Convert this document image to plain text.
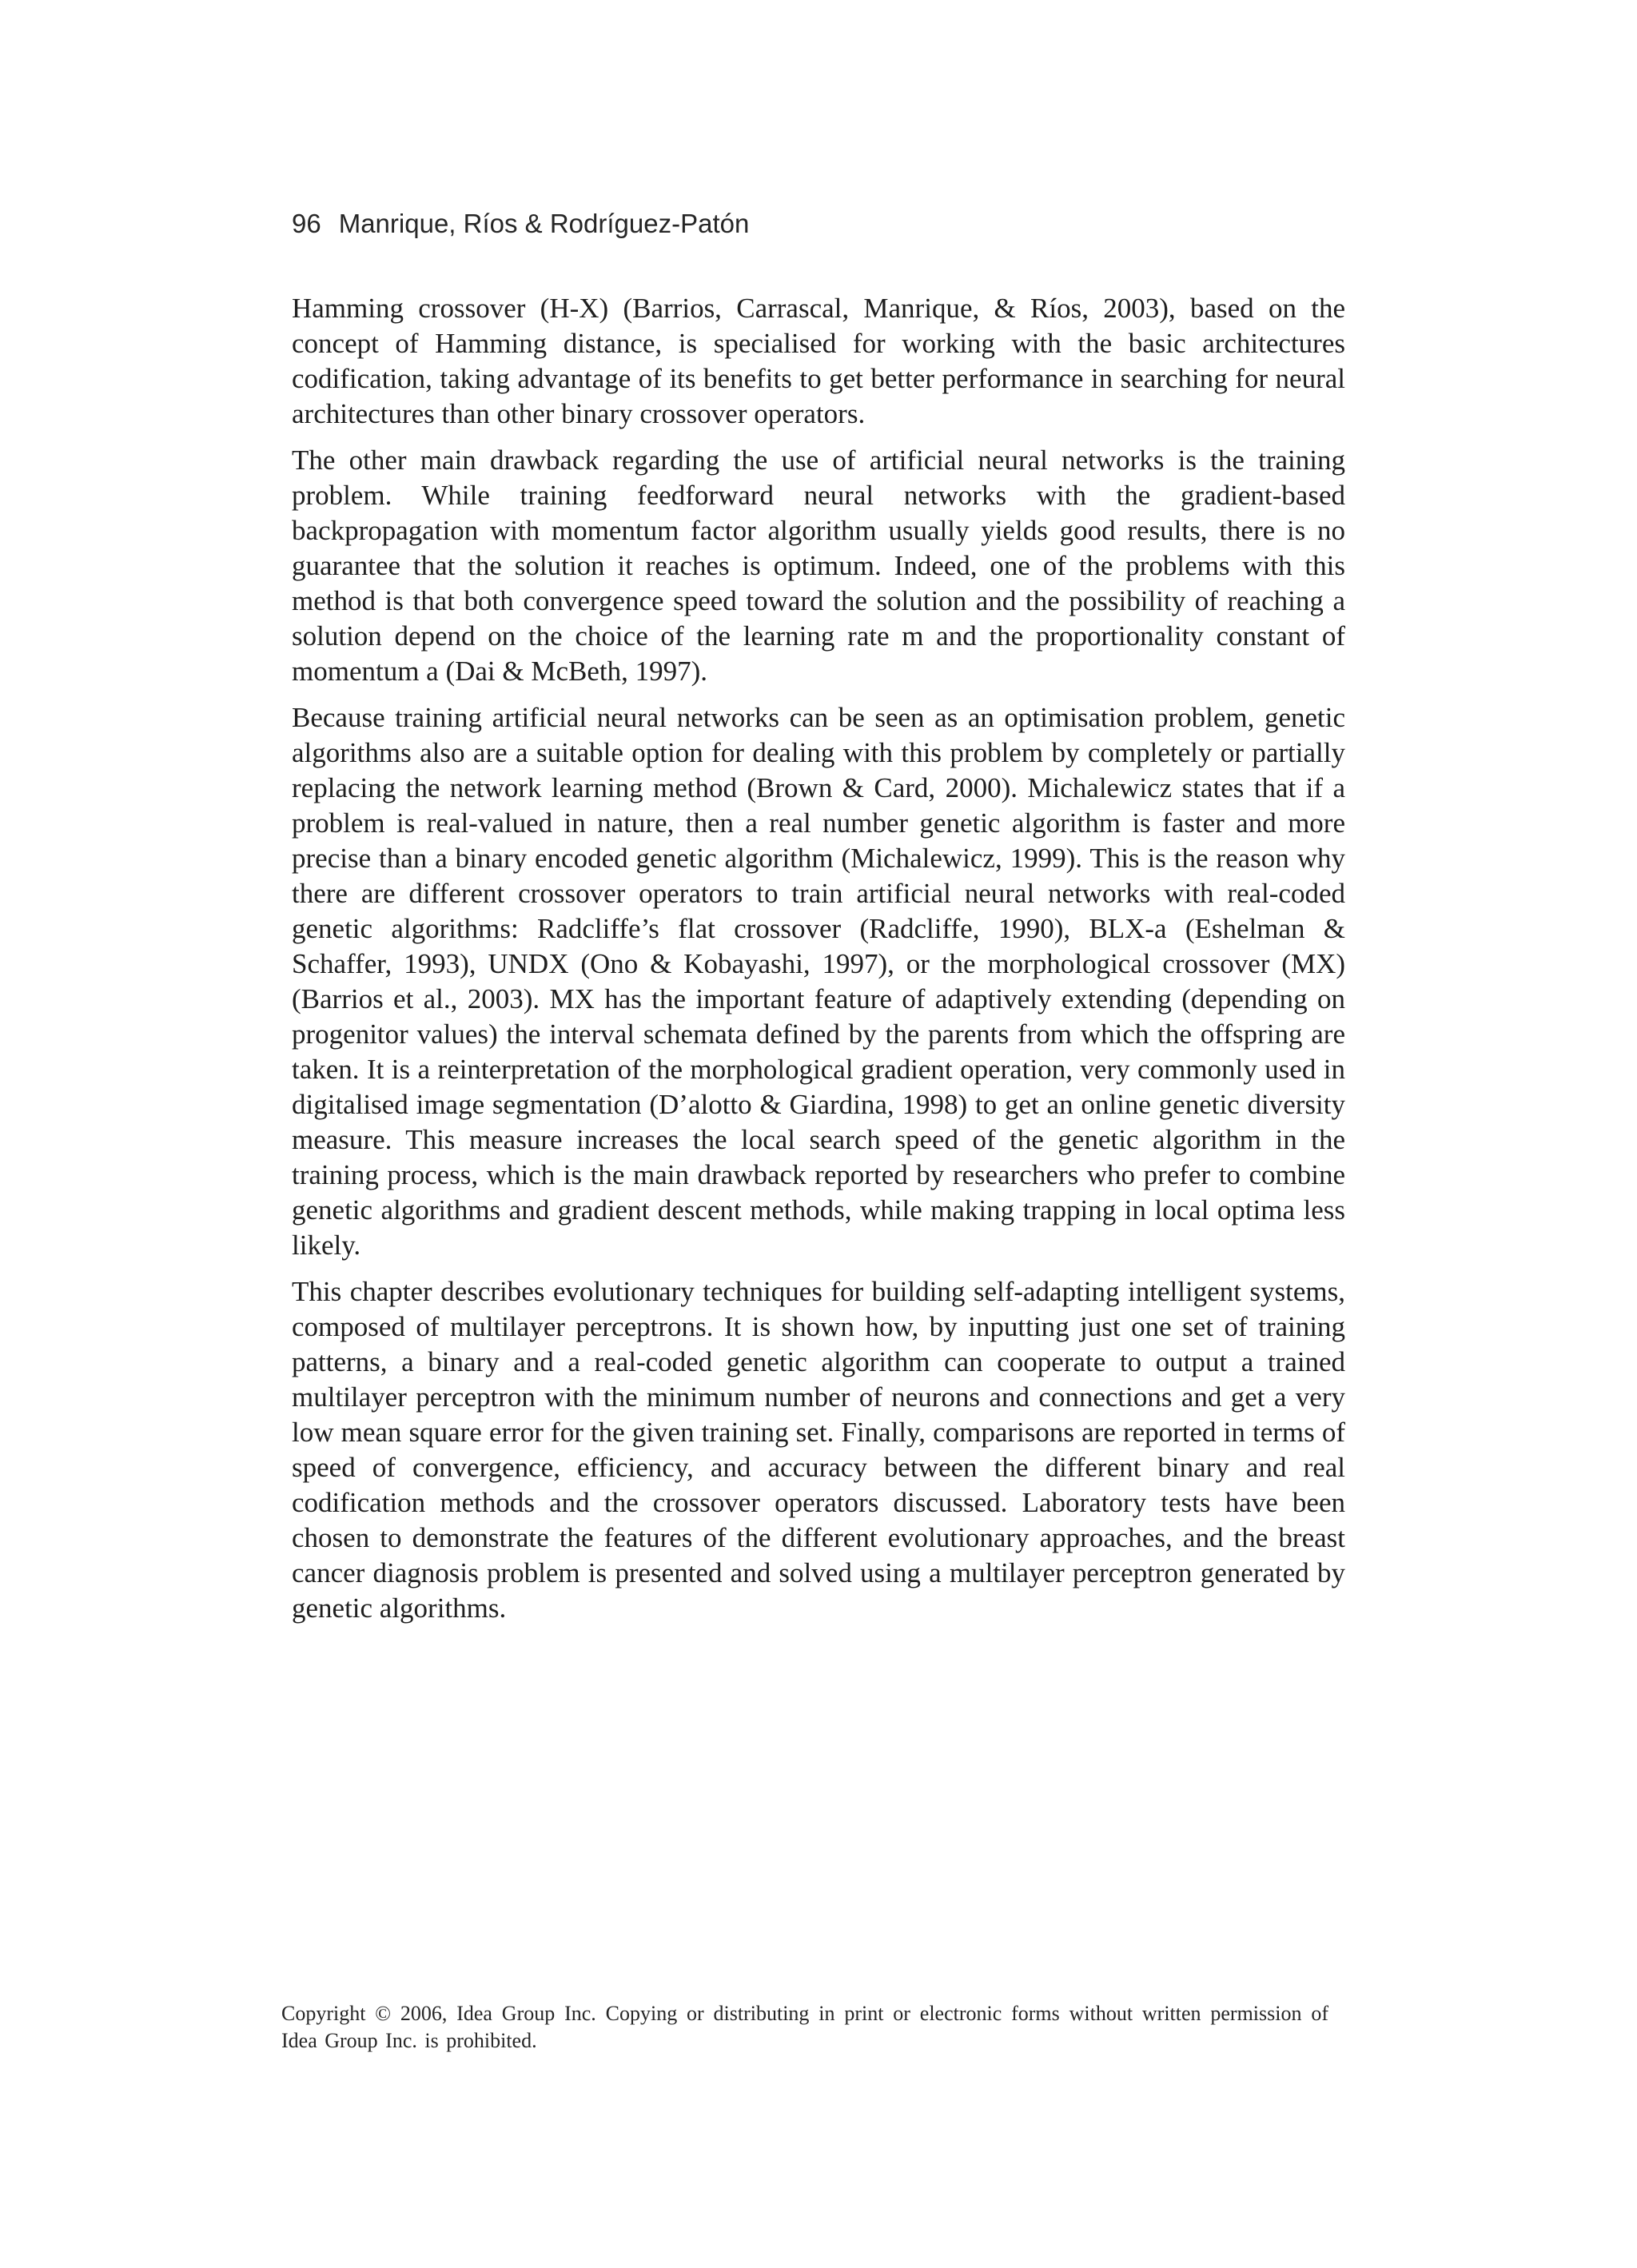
96 Manrique, Ríos & Rodríguez-Patón

Hamming crossover (H-X) (Barrios, Carrascal, Manrique, & Ríos, 2003), based on the concept of Hamming distance, is specialised for working with the basic architectures codification, taking advantage of its benefits to get better performance in searching for neural architectures than other binary crossover operators.

The other main drawback regarding the use of artificial neural networks is the training problem. While training feedforward neural networks with the gradient-based backpropagation with momentum factor algorithm usually yields good results, there is no guarantee that the solution it reaches is optimum. Indeed, one of the problems with this method is that both convergence speed toward the solution and the possibility of reaching a solution depend on the choice of the learning rate m and the proportionality constant of momentum a (Dai & McBeth, 1997).

Because training artificial neural networks can be seen as an optimisation problem, genetic algorithms also are a suitable option for dealing with this problem by completely or partially replacing the network learning method (Brown & Card, 2000). Michalewicz states that if a problem is real-valued in nature, then a real number genetic algorithm is faster and more precise than a binary encoded genetic algorithm (Michalewicz, 1999). This is the reason why there are different crossover operators to train artificial neural networks with real-coded genetic algorithms: Radcliffe’s flat crossover (Radcliffe, 1990), BLX-a (Eshelman & Schaffer, 1993), UNDX (Ono & Kobayashi, 1997), or the morphological crossover (MX) (Barrios et al., 2003). MX has the important feature of adaptively extending (depending on progenitor values) the interval schemata defined by the parents from which the offspring are taken. It is a reinterpretation of the morphological gradient operation, very commonly used in digitalised image segmentation (D’alotto & Giardina, 1998) to get an online genetic diversity measure. This measure increases the local search speed of the genetic algorithm in the training process, which is the main drawback reported by researchers who prefer to combine genetic algorithms and gradient descent methods, while making trapping in local optima less likely.

This chapter describes evolutionary techniques for building self-adapting intelligent systems, composed of multilayer perceptrons. It is shown how, by inputting just one set of training patterns, a binary and a real-coded genetic algorithm can cooperate to output a trained multilayer perceptron with the minimum number of neurons and connections and get a very low mean square error for the given training set. Finally, comparisons are reported in terms of speed of convergence, efficiency, and accuracy between the different binary and real codification methods and the crossover operators discussed. Laboratory tests have been chosen to demonstrate the features of the different evolutionary approaches, and the breast cancer diagnosis problem is presented and solved using a multilayer perceptron generated by genetic algorithms.

Copyright © 2006, Idea Group Inc. Copying or distributing in print or electronic forms without written permission of Idea Group Inc. is prohibited.
